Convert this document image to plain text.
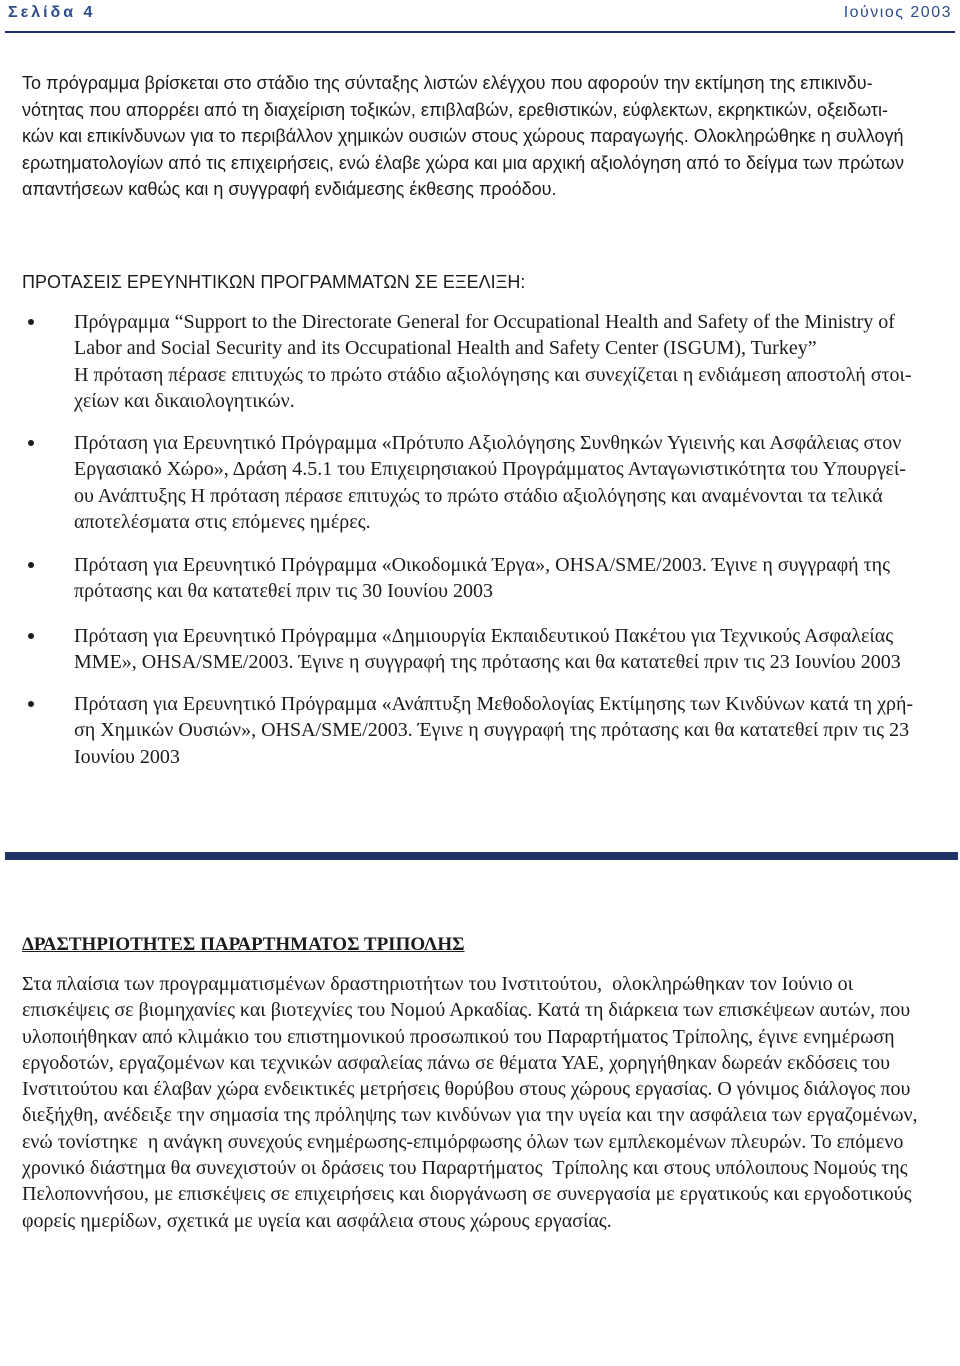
Σελίδα 4	Ιούνιος 2003
Το πρόγραμμα βρίσκεται στο στάδιο της σύνταξης λιστών ελέγχου που αφορούν την εκτίμηση της επικινδυ-
νότητας που απορρέει από τη διαχείριση τοξικών, επιβλαβών, ερεθιστικών, εύφλεκτων, εκρηκτικών, οξειδωτι-
κών και επικίνδυνων για το περιβάλλον χημικών ουσιών στους χώρους παραγωγής. Ολοκληρώθηκε η συλλογή
ερωτηματολογίων από τις επιχειρήσεις, ενώ έλαβε χώρα και μια αρχική αξιολόγηση από το δείγμα των πρώτων
απαντήσεων καθώς και η συγγραφή ενδιάμεσης έκθεσης προόδου.
ΠΡΟΤΑΣΕΙΣ ΕΡΕΥΝΗΤΙΚΩΝ ΠΡΟΓΡΑΜΜΑΤΩΝ ΣΕ ΕΞΕΛΙΞΗ:
Πρόγραμμα “Support to the Directorate General for Occupational Health and Safety of the Ministry of
Labor and Social Security and its Occupational Health and Safety Center (ISGUM), Turkey”
Η πρόταση πέρασε επιτυχώς το πρώτο στάδιο αξιολόγησης και συνεχίζεται η ενδιάμεση αποστολή στοι-
χείων και δικαιολογητικών.
Πρόταση για Ερευνητικό Πρόγραμμα «Πρότυπο Αξιολόγησης Συνθηκών Υγιεινής και Ασφάλειας στον
Εργασιακό Χώρο», Δράση 4.5.1 του Επιχειρησιακού Προγράμματος Ανταγωνιστικότητα του Υπουργεί-
ου Ανάπτυξης Η πρόταση πέρασε επιτυχώς το πρώτο στάδιο αξιολόγησης και αναμένονται τα τελικά
αποτελέσματα στις επόμενες ημέρες.
Πρόταση για Ερευνητικό Πρόγραμμα «Οικοδομικά Έργα», OHSA/SME/2003. Έγινε η συγγραφή της
πρότασης και θα κατατεθεί πριν τις 30 Ιουνίου 2003
Πρόταση για Ερευνητικό Πρόγραμμα «Δημιουργία Εκπαιδευτικού Πακέτου για Τεχνικούς Ασφαλείας
ΜΜΕ», OHSA/SME/2003. Έγινε η συγγραφή της πρότασης και θα κατατεθεί πριν τις 23 Ιουνίου 2003
Πρόταση για Ερευνητικό Πρόγραμμα «Ανάπτυξη Μεθοδολογίας Εκτίμησης των Κινδύνων κατά τη χρή-
ση Χημικών Ουσιών», OHSA/SME/2003. Έγινε η συγγραφή της πρότασης και θα κατατεθεί πριν τις 23
Ιουνίου 2003
ΔΡΑΣΤΗΡΙΟΤΗΤΕΣ ΠΑΡΑΡΤΗΜΑΤΟΣ ΤΡΙΠΟΛΗΣ
Στα πλαίσια των προγραμματισμένων δραστηριοτήτων του Ινστιτούτου,  ολοκληρώθηκαν τον Ιούνιο οι
επισκέψεις σε βιομηχανίες και βιοτεχνίες του Νομού Αρκαδίας. Κατά τη διάρκεια των επισκέψεων αυτών, που
υλοποιήθηκαν από κλιμάκιο του επιστημονικού προσωπικού του Παραρτήματος Τρίπολης, έγινε ενημέρωση
εργοδοτών, εργαζομένων και τεχνικών ασφαλείας πάνω σε θέματα ΥΑΕ, χορηγήθηκαν δωρεάν εκδόσεις του
Ινστιτούτου και έλαβαν χώρα ενδεικτικές μετρήσεις θορύβου στους χώρους εργασίας. Ο γόνιμος διάλογος που
διεξήχθη, ανέδειξε την σημασία της πρόληψης των κινδύνων για την υγεία και την ασφάλεια των εργαζομένων,
ενώ τονίστηκε  η ανάγκη συνεχούς ενημέρωσης-επιμόρφωσης όλων των εμπλεκομένων πλευρών. Το επόμενο
χρονικό διάστημα θα συνεχιστούν οι δράσεις του Παραρτήματος  Τρίπολης και στους υπόλοιπους Νομούς της
Πελοποννήσου, με επισκέψεις σε επιχειρήσεις και διοργάνωση σε συνεργασία με εργατικούς και εργοδοτικούς
φορείς ημερίδων, σχετικά με υγεία και ασφάλεια στους χώρους εργασίας.
